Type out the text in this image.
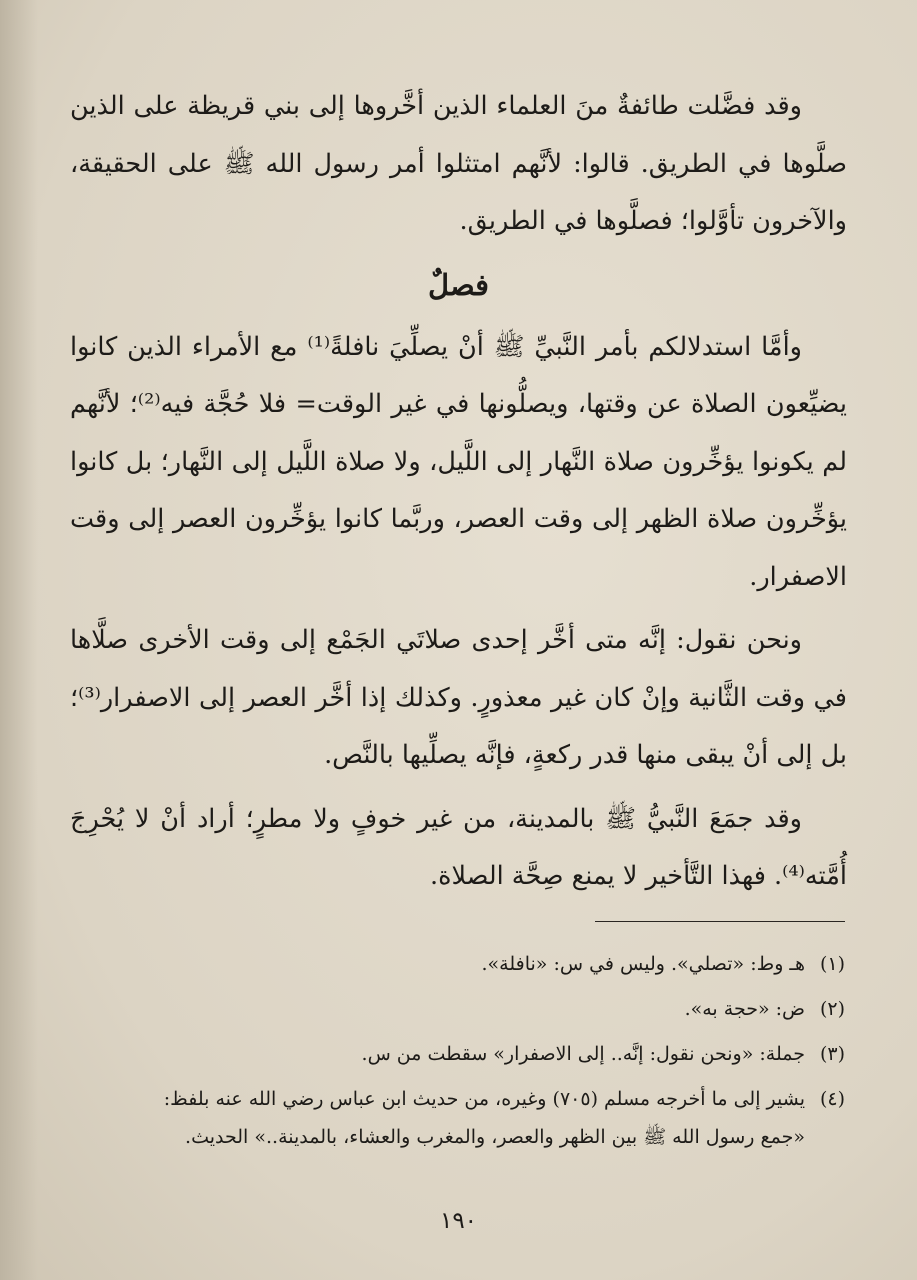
وقد فضَّلت طائفةٌ منَ العلماء الذين أخَّروها إلى بني قريظة على الذين صلَّوها في الطريق. قالوا: لأنَّهم امتثلوا أمر رسول الله ﷺ على الحقيقة، والآخرون تأوَّلوا؛ فصلَّوها في الطريق.

فصلٌ

وأمَّا استدلالكم بأمر النَّبيِّ ﷺ أنْ يصلِّيَ نافلةً⁽¹⁾ مع الأمراء الذين كانوا يضيِّعون الصلاة عن وقتها، ويصلُّونها في غير الوقت= فلا حُجَّة فيه⁽²⁾؛ لأنَّهم لم يكونوا يؤخِّرون صلاة النَّهار إلى اللَّيل، ولا صلاة اللَّيل إلى النَّهار؛ بل كانوا يؤخِّرون صلاة الظهر إلى وقت العصر، وربَّما كانوا يؤخِّرون العصر إلى وقت الاصفرار.

ونحن نقول: إنَّه متى أخَّر إحدى صلاتَي الجَمْع إلى وقت الأخرى صلَّاها في وقت الثَّانية وإنْ كان غير معذورٍ. وكذلك إذا أخَّر العصر إلى الاصفرار⁽³⁾؛ بل إلى أنْ يبقى منها قدر ركعةٍ، فإنَّه يصلِّيها بالنَّص.

وقد جمَعَ النَّبيُّ ﷺ بالمدينة، من غير خوفٍ ولا مطرٍ؛ أراد أنْ لا يُحْرِجَ أُمَّته⁽⁴⁾. فهذا التَّأخير لا يمنع صِحَّة الصلاة.

(١)
هـ وط: «تصلي». وليس في س: «نافلة».
(٢)
ض: «حجة به».
(٣)
جملة: «ونحن نقول: إنَّه.. إلى الاصفرار» سقطت من س.
(٤)
يشير إلى ما أخرجه مسلم (٧٠٥) وغيره، من حديث ابن عباس رضي الله عنه بلفظ:
«جمع رسول الله ﷺ بين الظهر والعصر، والمغرب والعشاء، بالمدينة..» الحديث.
١٩٠
